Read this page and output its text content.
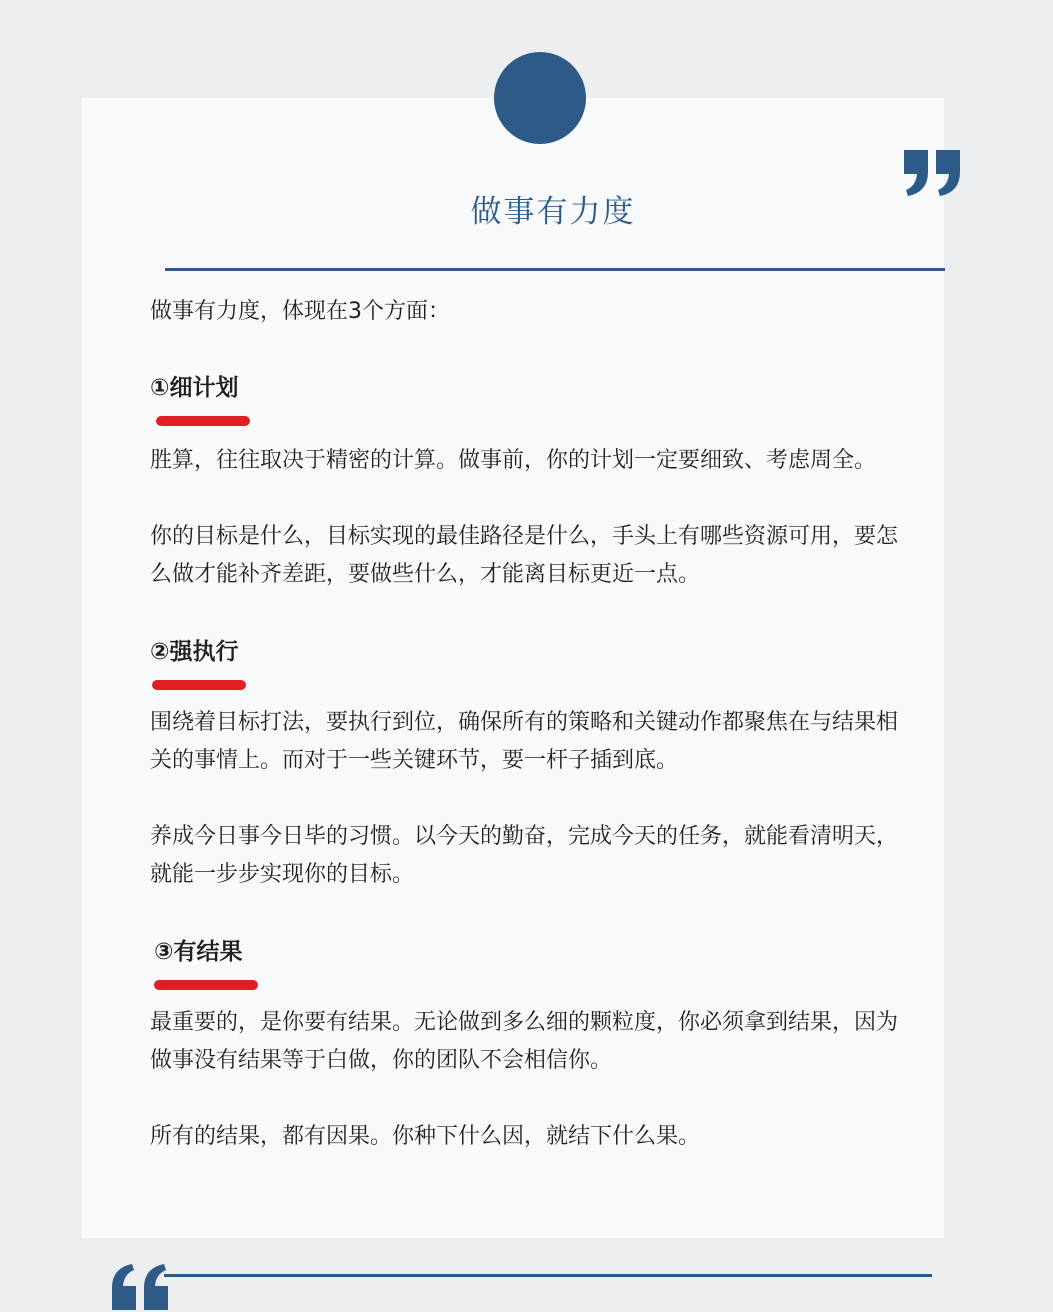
做事有力度

做事有力度，体现在3个方面：

①细计划

胜算，往往取决于精密的计算。做事前，你的计划一定要细致、考虑周全。

你的目标是什么，目标实现的最佳路径是什么，手头上有哪些资源可用，要怎么做才能补齐差距，要做些什么，才能离目标更近一点。

②强执行

围绕着目标打法，要执行到位，确保所有的策略和关键动作都聚焦在与结果相关的事情上。而对于一些关键环节，要一杆子插到底。

养成今日事今日毕的习惯。以今天的勤奋，完成今天的任务，就能看清明天，就能一步步实现你的目标。

③有结果

最重要的，是你要有结果。无论做到多么细的颗粒度，你必须拿到结果，因为做事没有结果等于白做，你的团队不会相信你。

所有的结果，都有因果。你种下什么因，就结下什么果。
